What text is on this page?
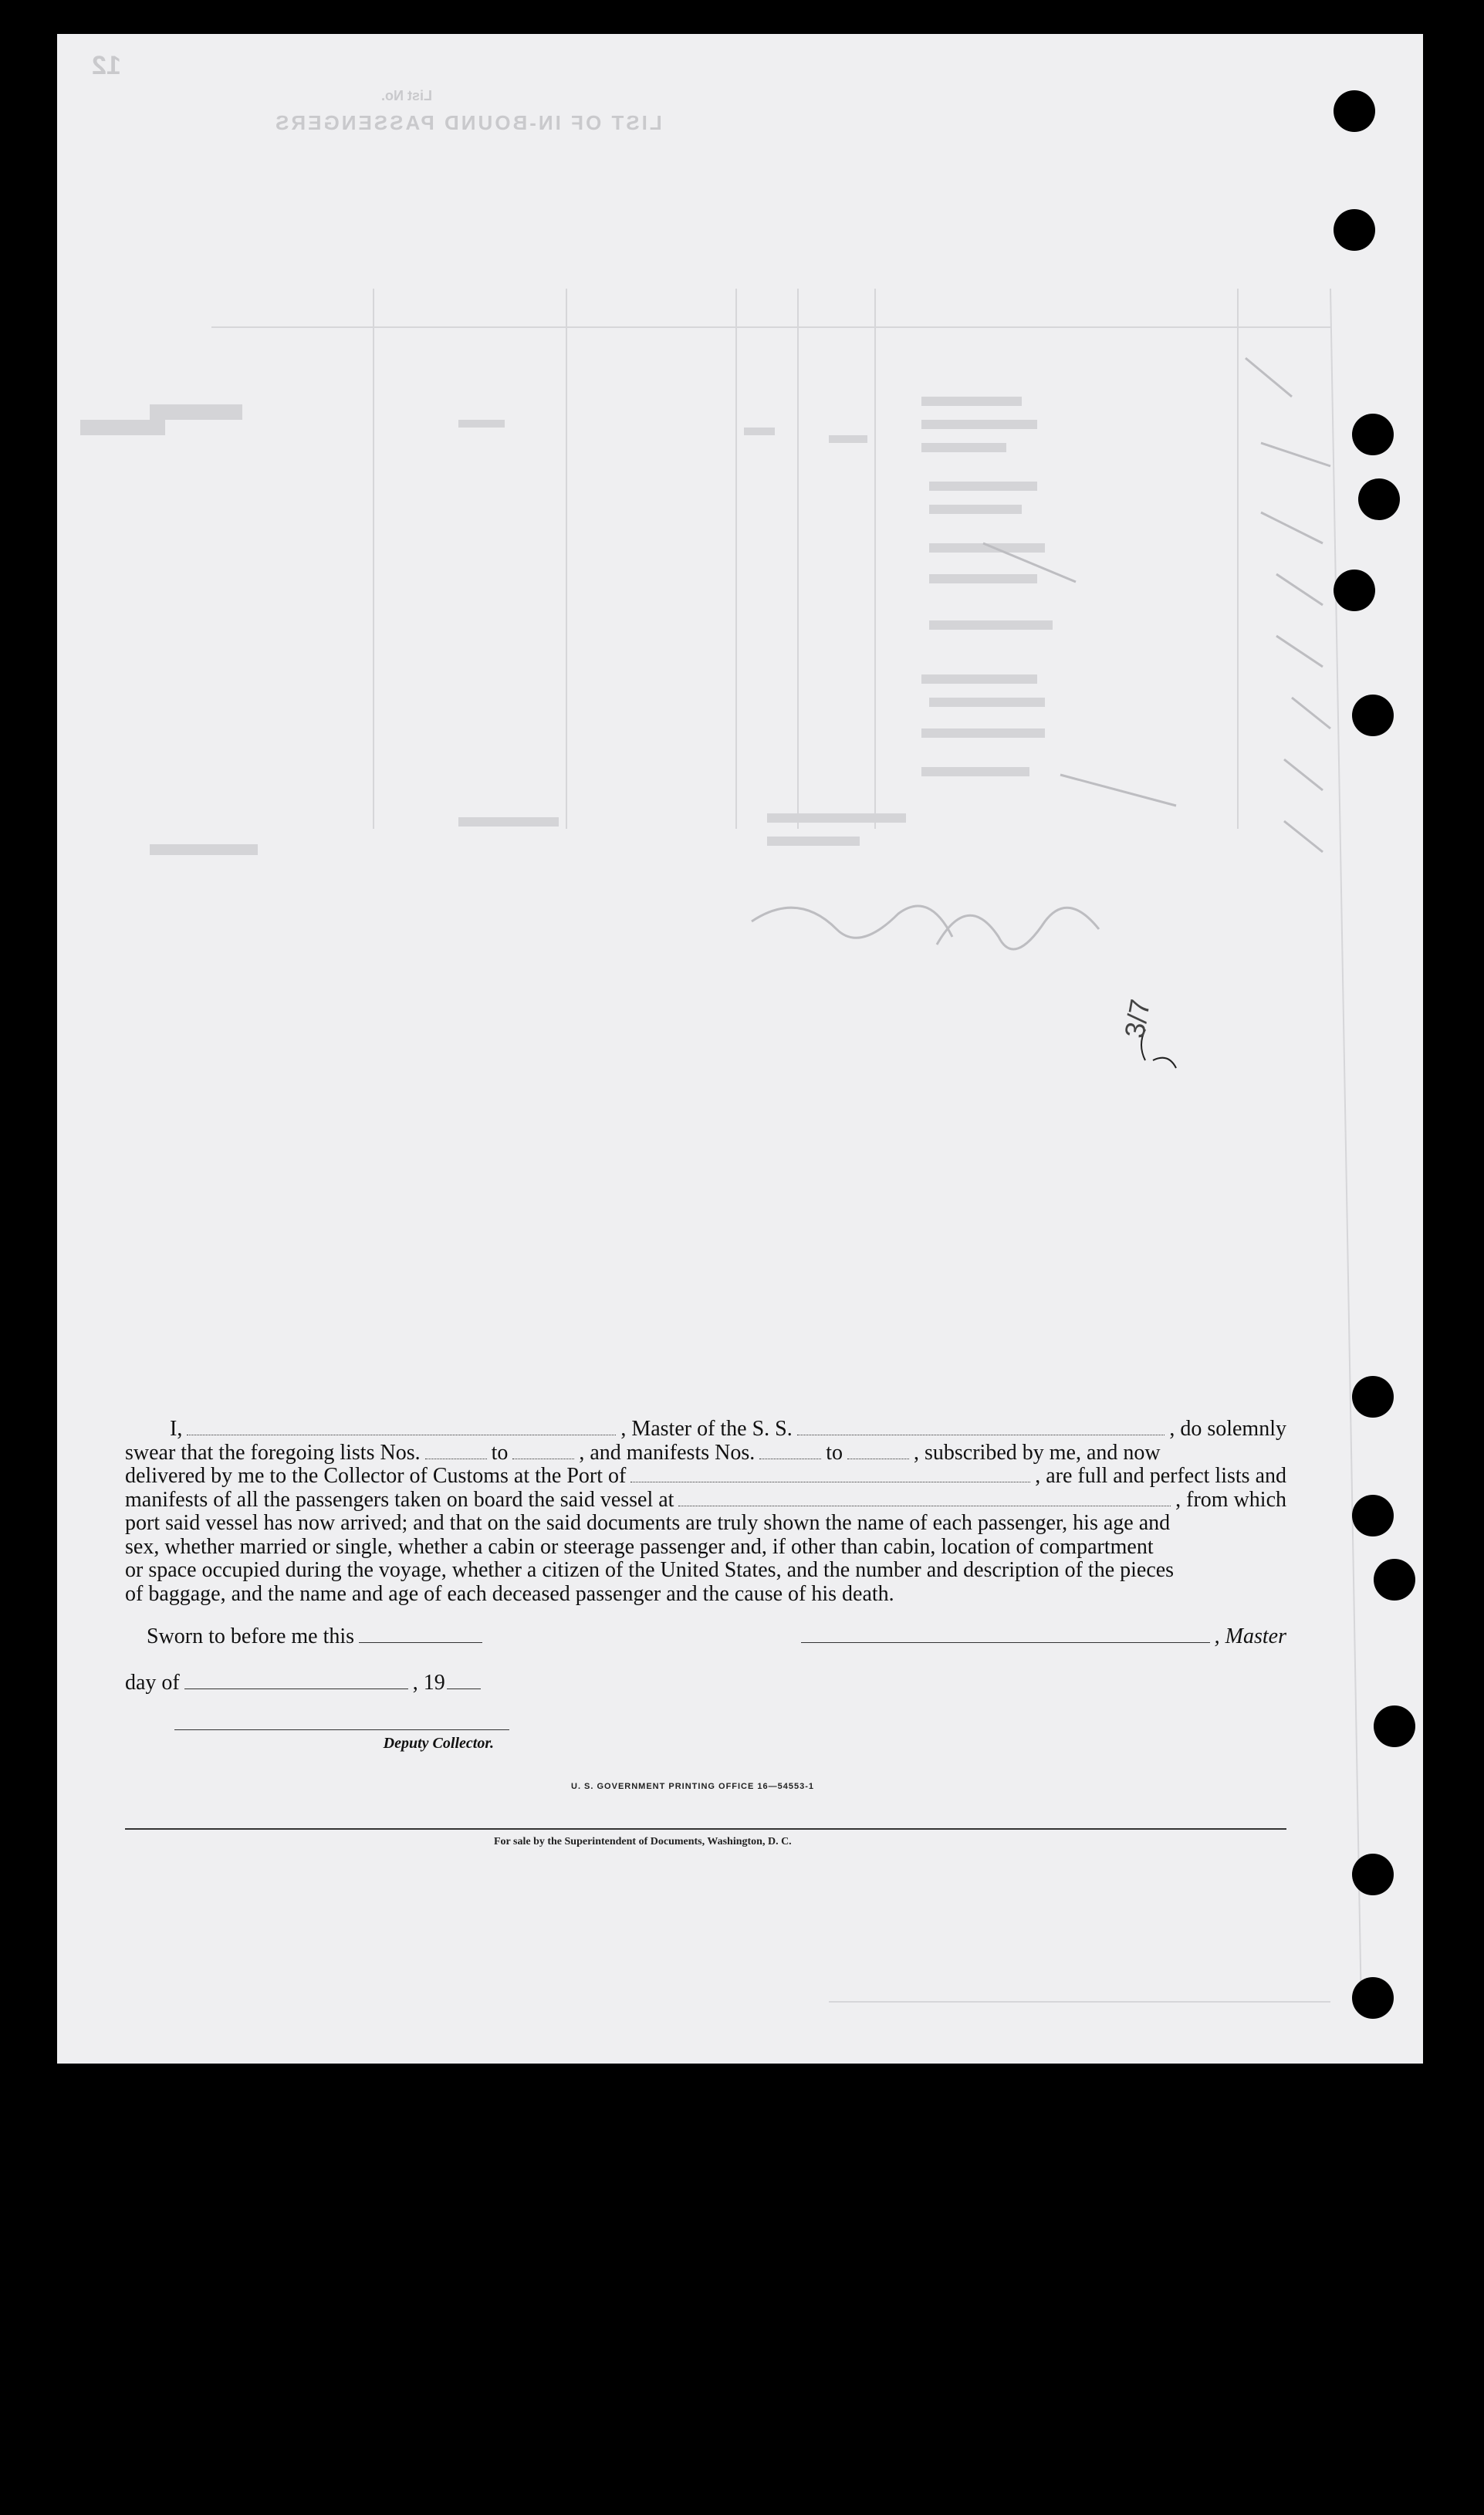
LIST OF IN-BOUND PASSENGERS
List No.
12
3/7
I,	, Master of the S. S.	, do solemnly
swear that the foregoing lists Nos.	to	, and manifests Nos.	to	, subscribed by me, and now
delivered by me to the Collector of Customs at the Port of	, are full and perfect lists and
manifests of all the passengers taken on board the said vessel at	, from which
port said vessel has now arrived; and that on the said documents are truly shown the name of each passenger, his age and
sex, whether married or single, whether a cabin or steerage passenger and, if other than cabin, location of compartment
or space occupied during the voyage, whether a citizen of the United States, and the number and description of the pieces
of baggage, and the name and age of each deceased passenger and the cause of his death.
Sworn to before me this	, Master
day of	, 19
Deputy Collector.
U. S. GOVERNMENT PRINTING OFFICE 16—54553-1
For sale by the Superintendent of Documents, Washington, D. C.
